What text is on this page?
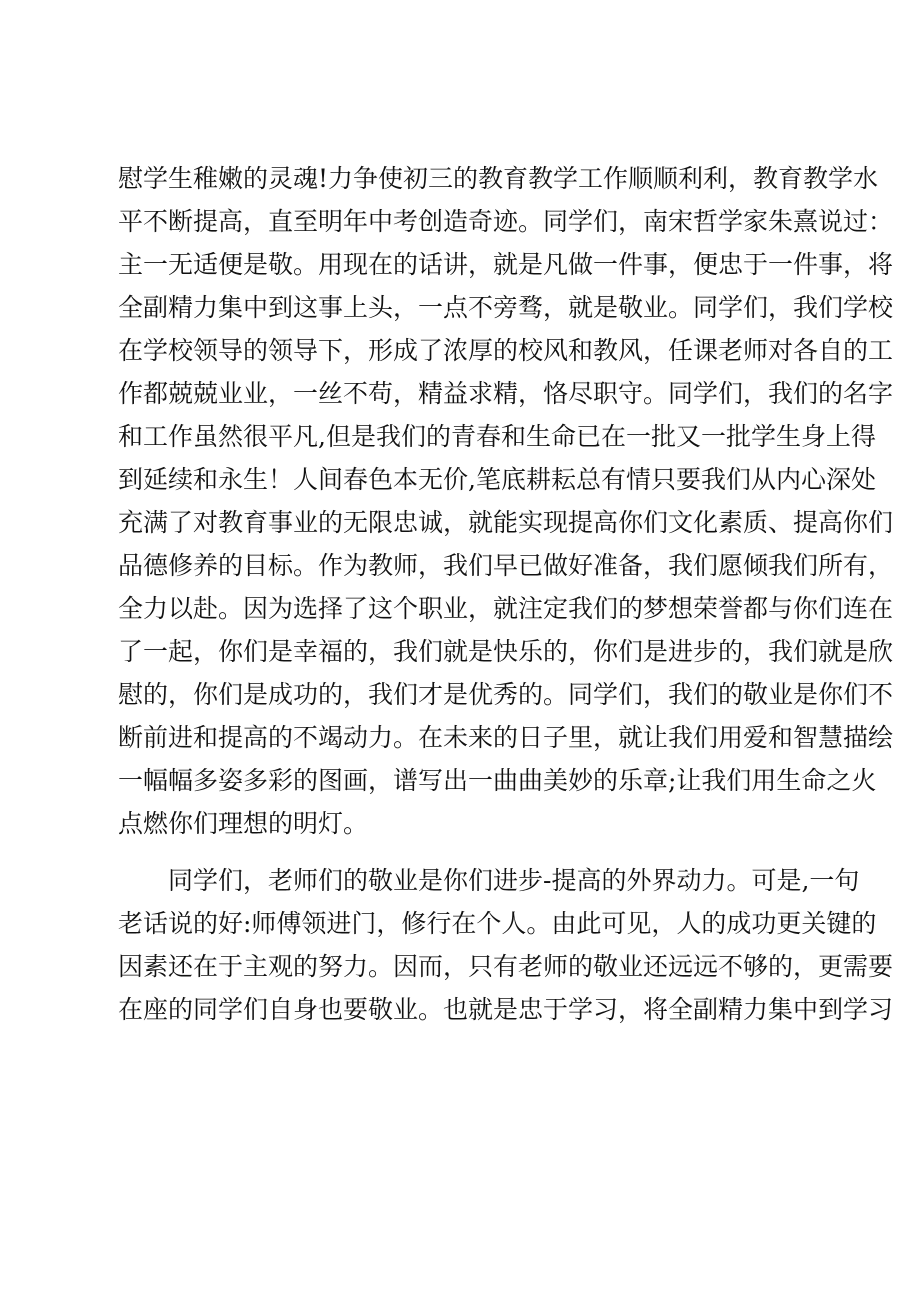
慰学生稚嫩的灵魂!力争使初三的教育教学工作顺顺利利，教育教学水
平不断提高，直至明年中考创造奇迹。同学们，南宋哲学家朱熹说过：
主一无适便是敬。用现在的话讲，就是凡做一件事，便忠于一件事，将
全副精力集中到这事上头，一点不旁骛，就是敬业。同学们，我们学校
在学校领导的领导下，形成了浓厚的校风和教风，任课老师对各自的工
作都兢兢业业，一丝不苟，精益求精，恪尽职守。同学们，我们的名字
和工作虽然很平凡,但是我们的青春和生命已在一批又一批学生身上得
到延续和永生！人间春色本无价,笔底耕耘总有情只要我们从内心深处
充满了对教育事业的无限忠诚，就能实现提高你们文化素质、提高你们
品德修养的目标。作为教师，我们早已做好准备，我们愿倾我们所有，
全力以赴。因为选择了这个职业，就注定我们的梦想荣誉都与你们连在
了一起，你们是幸福的，我们就是快乐的，你们是进步的，我们就是欣
慰的，你们是成功的，我们才是优秀的。同学们，我们的敬业是你们不
断前进和提高的不竭动力。在未来的日子里，就让我们用爱和智慧描绘
一幅幅多姿多彩的图画，谱写出一曲曲美妙的乐章;让我们用生命之火
点燃你们理想的明灯。
同学们，老师们的敬业是你们进步-提高的外界动力。可是,一句
老话说的好:师傅领进门，修行在个人。由此可见，人的成功更关键的
因素还在于主观的努力。因而，只有老师的敬业还远远不够的，更需要
在座的同学们自身也要敬业。也就是忠于学习，将全副精力集中到学习
